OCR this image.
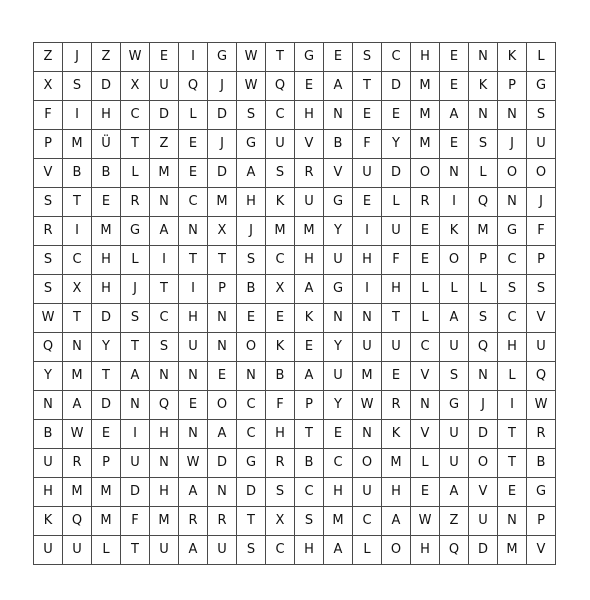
Z	J	Z	W	E	I	G	W	T	G	E	S	C	H	E	N	K	L
X	S	D	X	U	Q	J	W	Q	E	A	T	D	M	E	K	P	G
F	I	H	C	D	L	D	S	C	H	N	E	E	M	A	N	N	S
P	M	Ü	T	Z	E	J	G	U	V	B	F	Y	M	E	S	J	U
V	B	B	L	M	E	D	A	S	R	V	U	D	O	N	L	O	O
S	T	E	R	N	C	M	H	K	U	G	E	L	R	I	Q	N	J
R	I	M	G	A	N	X	J	M	M	Y	I	U	E	K	M	G	F
S	C	H	L	I	T	T	S	C	H	U	H	F	E	O	P	C	P
S	X	H	J	T	I	P	B	X	A	G	I	H	L	L	L	S	S
W	T	D	S	C	H	N	E	E	K	N	N	T	L	A	S	C	V
Q	N	Y	T	S	U	N	O	K	E	Y	U	U	C	U	Q	H	U
Y	M	T	A	N	N	E	N	B	A	U	M	E	V	S	N	L	Q
N	A	D	N	Q	E	O	C	F	P	Y	W	R	N	G	J	I	W
B	W	E	I	H	N	A	C	H	T	E	N	K	V	U	D	T	R
U	R	P	U	N	W	D	G	R	B	C	O	M	L	U	O	T	B
H	M	M	D	H	A	N	D	S	C	H	U	H	E	A	V	E	G
K	Q	M	F	M	R	R	T	X	S	M	C	A	W	Z	U	N	P
U	U	L	T	U	A	U	S	C	H	A	L	O	H	Q	D	M	V
